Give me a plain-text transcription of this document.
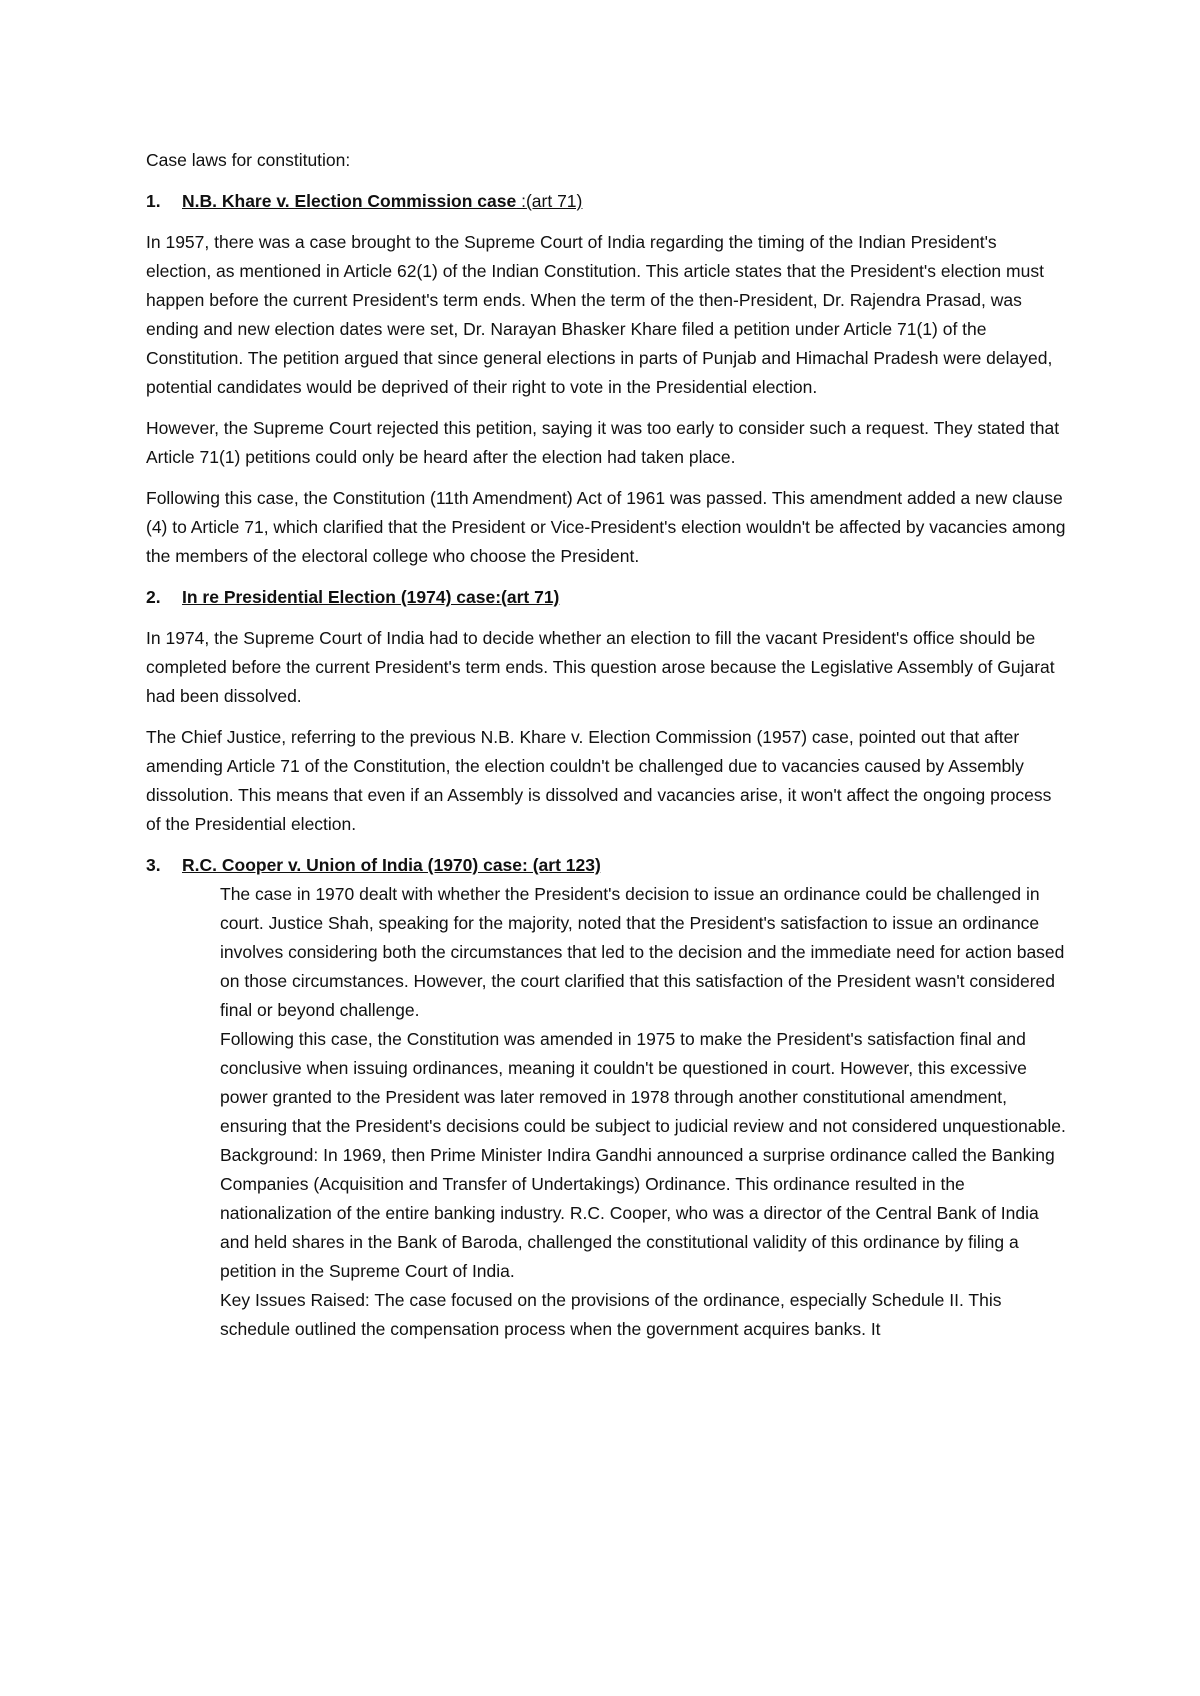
Case laws for constitution:

1. N.B. Khare v. Election Commission case :(art 71)

In 1957, there was a case brought to the Supreme Court of India regarding the timing of the Indian President's election, as mentioned in Article 62(1) of the Indian Constitution. This article states that the President's election must happen before the current President's term ends. When the term of the then-President, Dr. Rajendra Prasad, was ending and new election dates were set, Dr. Narayan Bhasker Khare filed a petition under Article 71(1) of the Constitution. The petition argued that since general elections in parts of Punjab and Himachal Pradesh were delayed, potential candidates would be deprived of their right to vote in the Presidential election.

However, the Supreme Court rejected this petition, saying it was too early to consider such a request. They stated that Article 71(1) petitions could only be heard after the election had taken place.

Following this case, the Constitution (11th Amendment) Act of 1961 was passed. This amendment added a new clause (4) to Article 71, which clarified that the President or Vice-President's election wouldn't be affected by vacancies among the members of the electoral college who choose the President.

2. In re Presidential Election (1974) case:(art 71)

In 1974, the Supreme Court of India had to decide whether an election to fill the vacant President's office should be completed before the current President's term ends. This question arose because the Legislative Assembly of Gujarat had been dissolved.

The Chief Justice, referring to the previous N.B. Khare v. Election Commission (1957) case, pointed out that after amending Article 71 of the Constitution, the election couldn't be challenged due to vacancies caused by Assembly dissolution. This means that even if an Assembly is dissolved and vacancies arise, it won't affect the ongoing process of the Presidential election.

3. R.C. Cooper v. Union of India (1970) case: (art 123)

The case in 1970 dealt with whether the President's decision to issue an ordinance could be challenged in court. Justice Shah, speaking for the majority, noted that the President's satisfaction to issue an ordinance involves considering both the circumstances that led to the decision and the immediate need for action based on those circumstances. However, the court clarified that this satisfaction of the President wasn't considered final or beyond challenge.

Following this case, the Constitution was amended in 1975 to make the President's satisfaction final and conclusive when issuing ordinances, meaning it couldn't be questioned in court. However, this excessive power granted to the President was later removed in 1978 through another constitutional amendment, ensuring that the President's decisions could be subject to judicial review and not considered unquestionable.

Background: In 1969, then Prime Minister Indira Gandhi announced a surprise ordinance called the Banking Companies (Acquisition and Transfer of Undertakings) Ordinance. This ordinance resulted in the nationalization of the entire banking industry. R.C. Cooper, who was a director of the Central Bank of India and held shares in the Bank of Baroda, challenged the constitutional validity of this ordinance by filing a petition in the Supreme Court of India.

Key Issues Raised: The case focused on the provisions of the ordinance, especially Schedule II. This schedule outlined the compensation process when the government acquires banks. It
